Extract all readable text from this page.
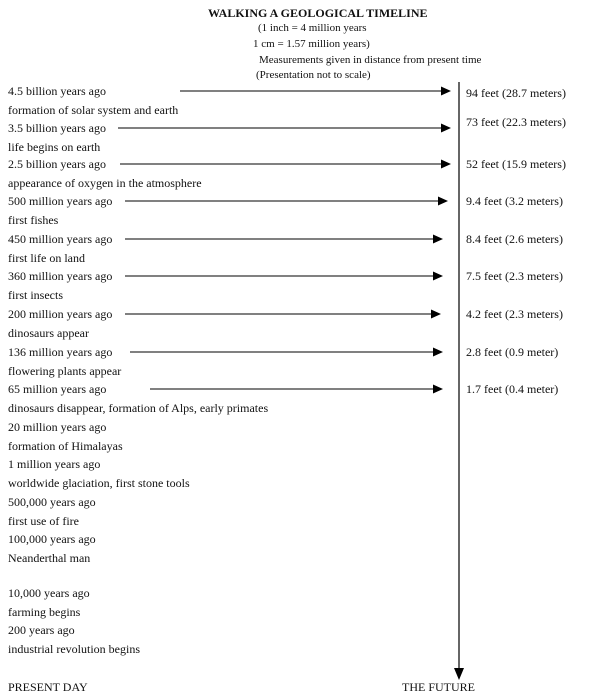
WALKING A GEOLOGICAL TIMELINE
(1 inch = 4 million years
1 cm = 1.57 million years)
Measurements given in distance from present time
(Presentation not to scale)
4.5 billion years ago
formation of solar system and earth
94 feet (28.7 meters)
3.5 billion years ago
life begins on earth
73 feet (22.3 meters)
2.5 billion years ago
appearance of oxygen in the atmosphere
52 feet (15.9 meters)
500 million years ago
first fishes
9.4 feet (3.2 meters)
450 million years ago
first life on land
8.4 feet (2.6 meters)
360 million years ago
first insects
7.5 feet (2.3 meters)
200 million years ago
dinosaurs appear
4.2 feet (2.3 meters)
136 million years ago
flowering plants appear
2.8 feet (0.9 meter)
65 million years ago
dinosaurs disappear, formation of Alps, early primates
1.7 feet (0.4 meter)
20 million years ago
formation of Himalayas
1 million years ago
worldwide glaciation, first stone tools
500,000 years ago
first use of fire
100,000 years ago
Neanderthal man
10,000 years ago
farming begins
200 years ago
industrial revolution begins
PRESENT DAY	THE FUTURE
